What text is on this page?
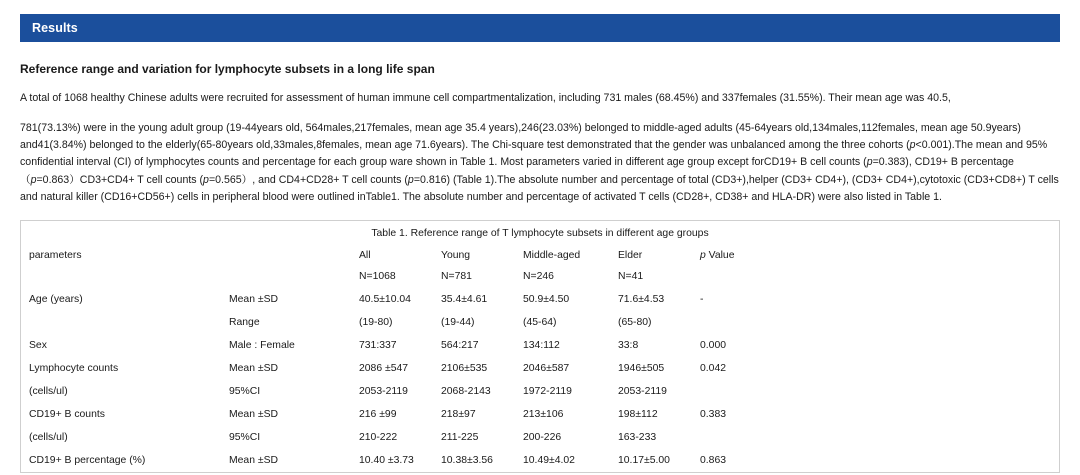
Results
Reference range and variation for lymphocyte subsets in a long life span
A total of 1068 healthy Chinese adults were recruited for assessment of human immune cell compartmentalization, including 731 males (68.45%) and 337females (31.55%). Their mean age was 40.5,
781(73.13%) were in the young adult group (19-44years old, 564males,217females, mean age 35.4 years),246(23.03%) belonged to middle-aged adults (45-64years old,134males,112females, mean age 50.9years) and41(3.84%) belonged to the elderly(65-80years old,33males,8females, mean age 71.6years). The Chi-square test demonstrated that the gender was unbalanced among the three cohorts (p<0.001).The mean and 95% confidential interval (CI) of lymphocytes counts and percentage for each group ware shown in Table 1. Most parameters varied in different age group except forCD19+ B cell counts (p=0.383), CD19+ B percentage （p=0.863）CD3+CD4+ T cell counts (p=0.565）, and CD4+CD28+ T cell counts (p=0.816) (Table 1).The absolute number and percentage of total (CD3+),helper (CD3+ CD4+), (CD3+ CD4+),cytotoxic (CD3+CD8+) T cells and natural killer (CD16+CD56+) cells in peripheral blood were outlined inTable1. The absolute number and percentage of activated T cells (CD28+, CD38+ and HLA-DR) were also listed in Table 1.
Table 1. Reference range of T lymphocyte subsets in different age groups
parameters		All	Young	Middle-aged	Elder	p Value
		N=1068	N=781	N=246	N=41	
Age (years)	Mean ±SD	40.5±10.04	35.4±4.61	50.9±4.50	71.6±4.53	-
	Range	(19-80)	(19-44)	(45-64)	(65-80)	
Sex	Male : Female	731:337	564:217	134:112	33:8	0.000
Lymphocyte counts	Mean ±SD	2086 ±547	2106±535	2046±587	1946±505	0.042
(cells/ul)	95%CI	2053-2119	2068-2143	1972-2119	2053-2119	
CD19+ B counts	Mean ±SD	216 ±99	218±97	213±106	198±112	0.383
(cells/ul)	95%CI	210-222	211-225	200-226	163-233	
CD19+ B percentage (%)	Mean ±SD	10.40 ±3.73	10.38±3.56	10.49±4.02	10.17±5.00	0.863
